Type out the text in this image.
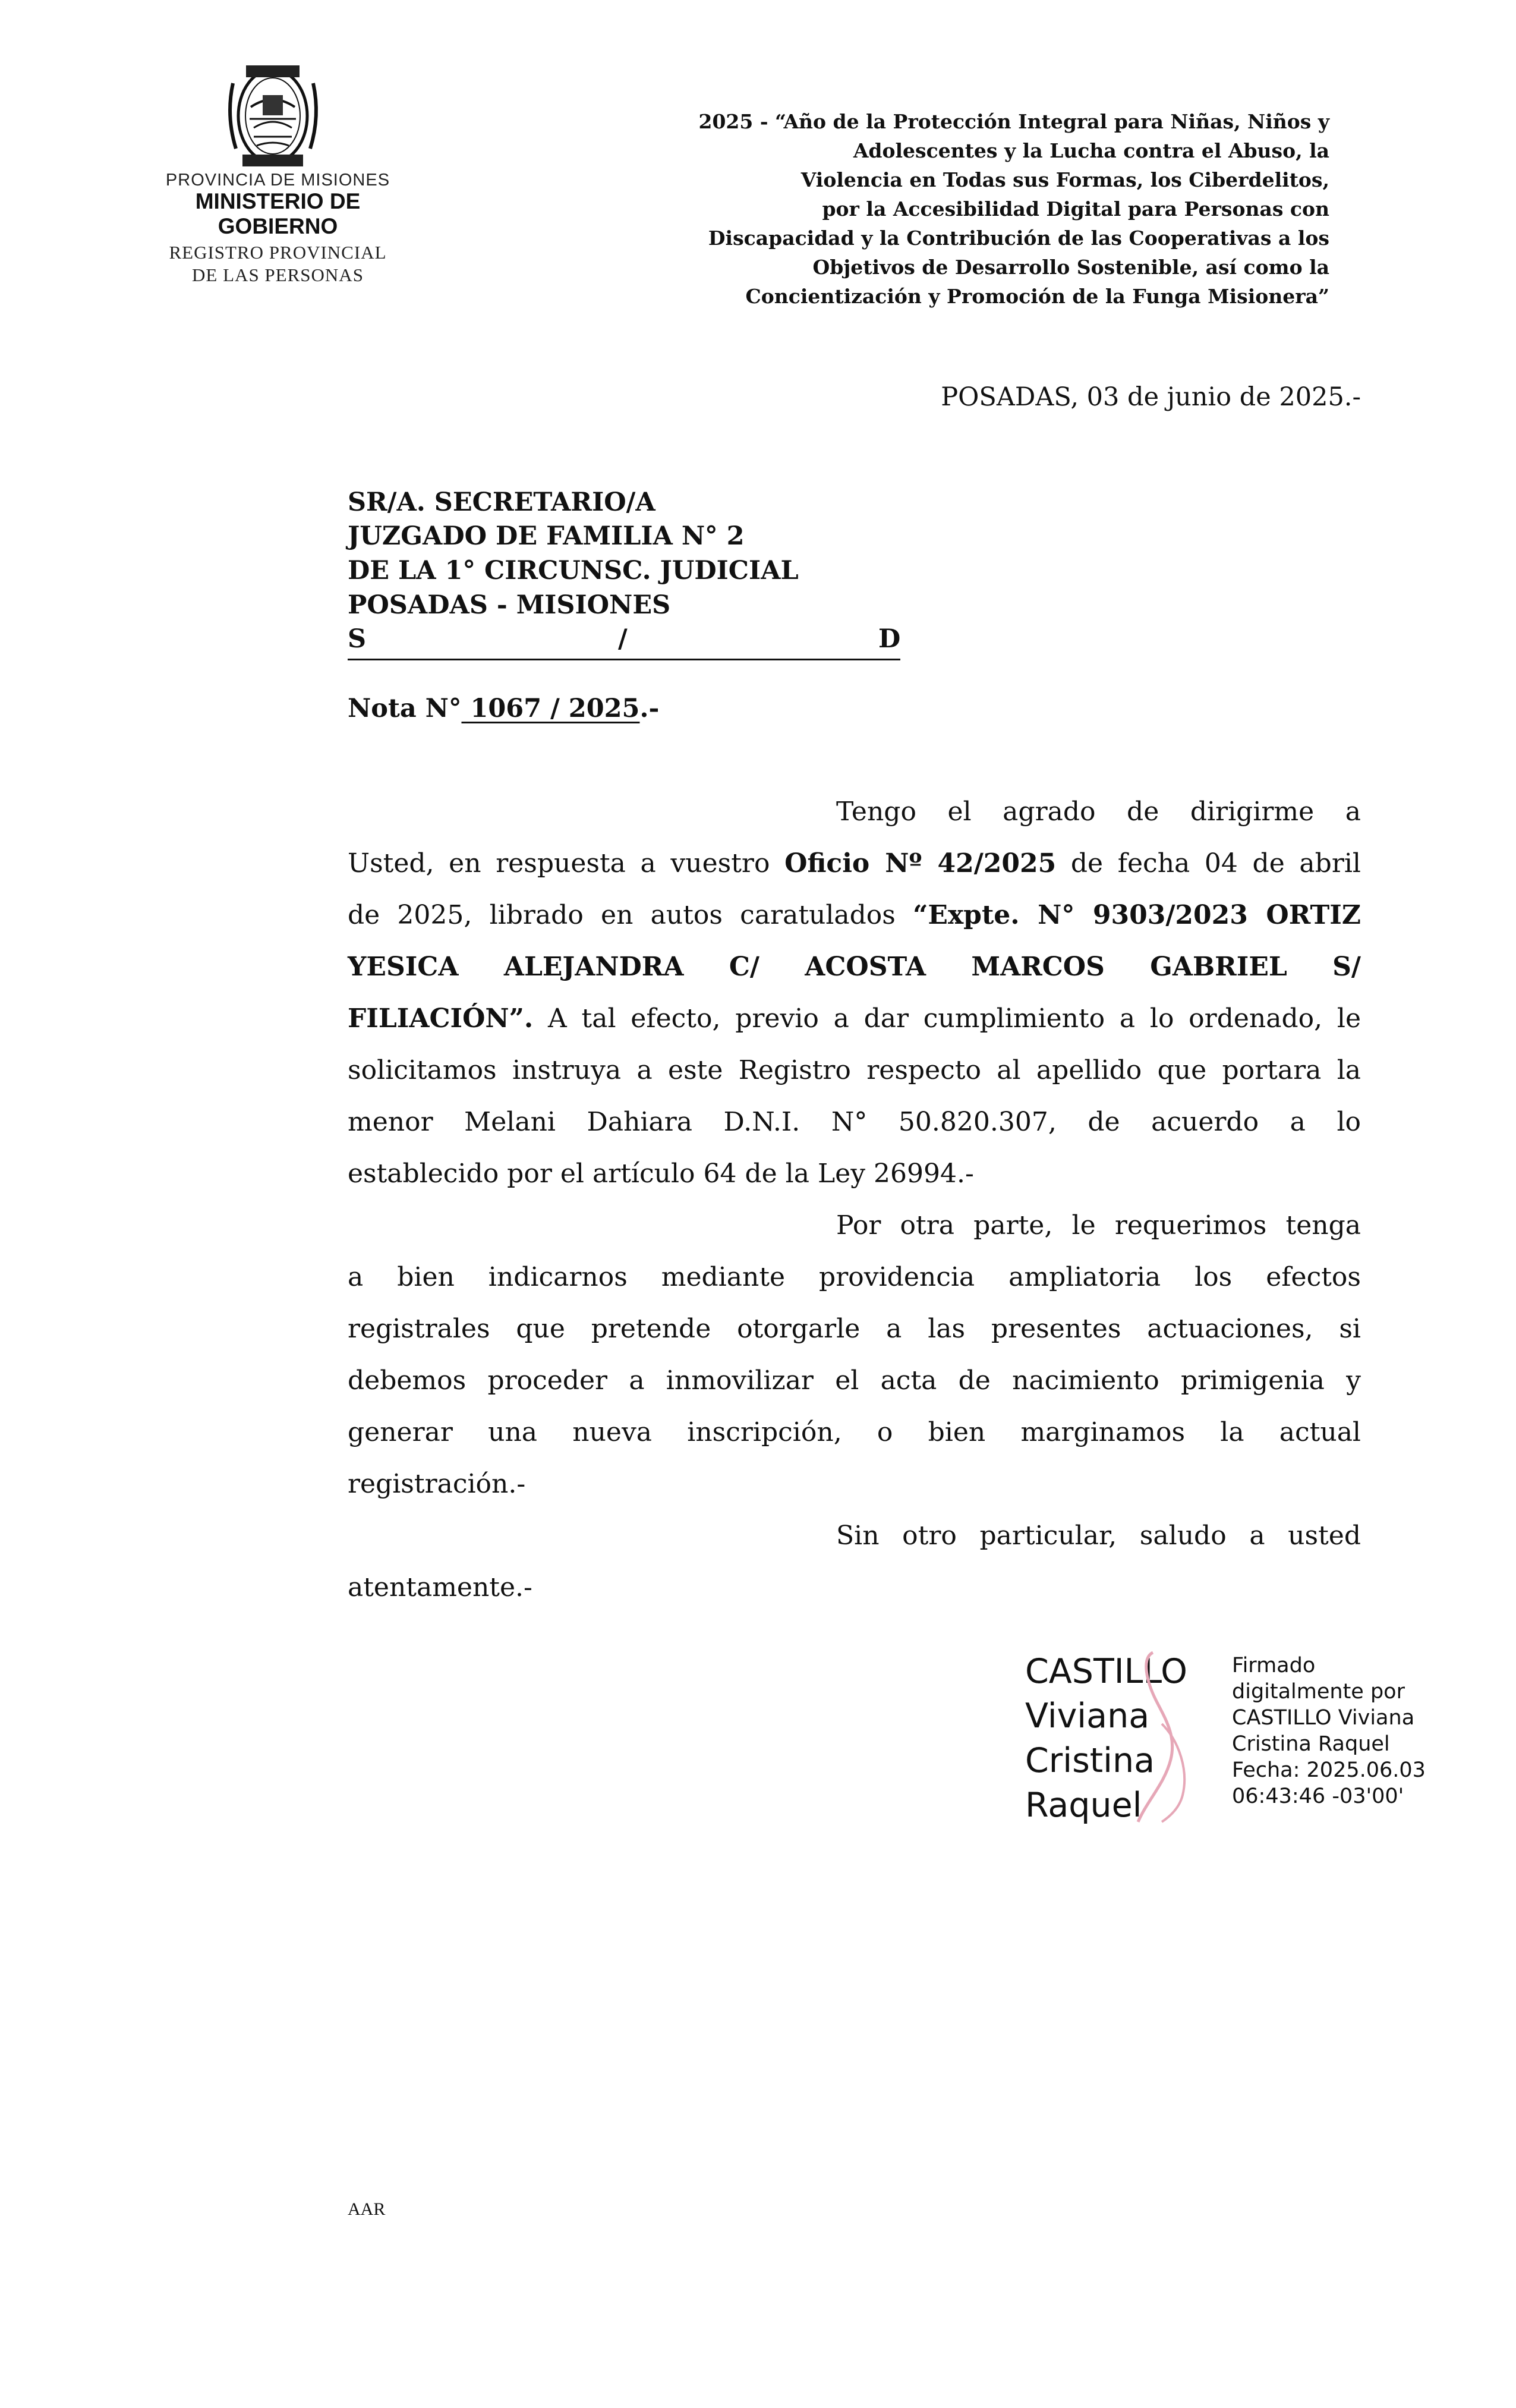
PROVINCIA DE MISIONES
MINISTERIO DE GOBIERNO
REGISTRO PROVINCIAL
DE LAS PERSONAS
2025 - “Año de la Protección Integral para Niñas, Niños y
Adolescentes y la Lucha contra el Abuso, la
Violencia en Todas sus Formas, los Ciberdelitos,
por la Accesibilidad Digital para Personas con
Discapacidad y la Contribución de las Cooperativas a los
Objetivos de Desarrollo Sostenible, así como la
Concientización y Promoción de la Funga Misionera”
POSADAS, 03 de junio de 2025.-
SR/A. SECRETARIO/A
JUZGADO DE FAMILIA N° 2
DE LA 1° CIRCUNSC. JUDICIAL
POSADAS - MISIONES
S	/	D
Nota N° 1067 / 2025.-
Tengo el agrado de dirigirme a
Usted, en respuesta a vuestro Oficio Nº 42/2025 de fecha 04 de abril
de 2025, librado en autos caratulados “Expte. N° 9303/2023 ORTIZ
YESICA ALEJANDRA C/ ACOSTA MARCOS GABRIEL S/
FILIACIÓN”. A tal efecto, previo a dar cumplimiento a lo ordenado, le
solicitamos instruya a este Registro respecto al apellido que portara la
menor Melani Dahiara D.N.I. N° 50.820.307, de acuerdo a lo
establecido por el artículo 64 de la Ley 26994.-
Por otra parte, le requerimos tenga
a bien indicarnos mediante providencia ampliatoria los efectos
registrales que pretende otorgarle a las presentes actuaciones, si
debemos proceder a inmovilizar el acta de nacimiento primigenia y
generar una nueva inscripción, o bien marginamos la actual
registración.-
Sin otro particular, saludo a usted
atentamente.-
CASTILLO
Viviana
Cristina
Raquel
Firmado
digitalmente por
CASTILLO Viviana
Cristina Raquel
Fecha: 2025.06.03
06:43:46 -03'00'
AAR
